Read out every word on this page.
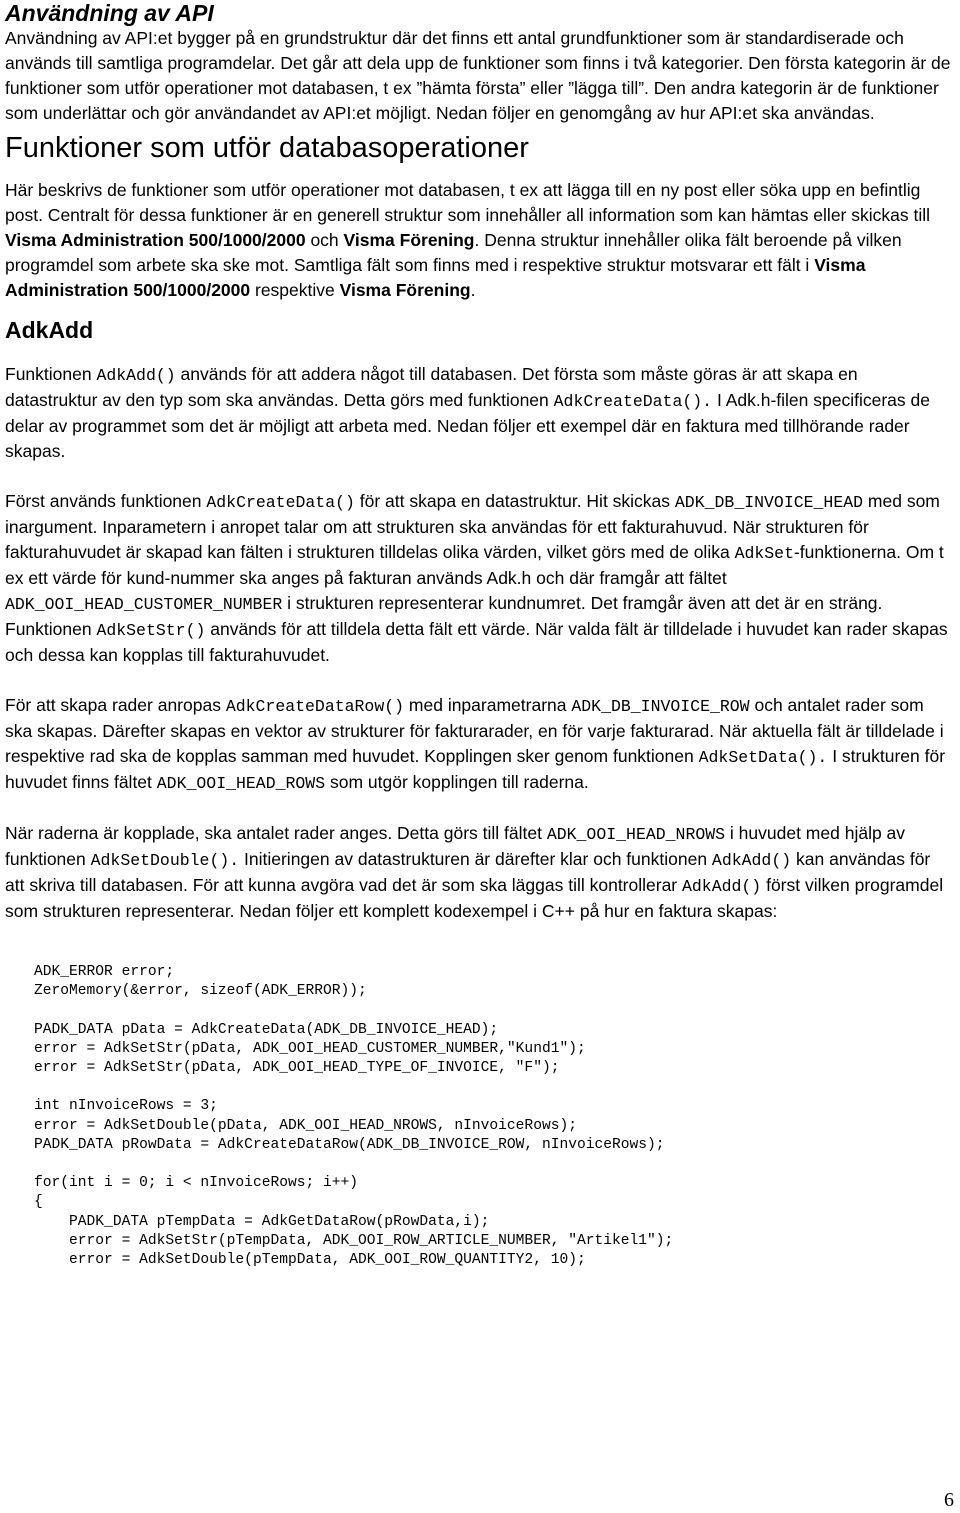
Användning av API

Användning av API:et bygger på en grundstruktur där det finns ett antal grundfunktioner som är standardiserade och används till samtliga programdelar. Det går att dela upp de funktioner som finns i två kategorier. Den första kategorin är de funktioner som utför operationer mot databasen, t ex ”hämta första” eller ”lägga till”. Den andra kategorin är de funktioner som underlättar och gör användandet av API:et möjligt. Nedan följer en genomgång av hur API:et ska användas.

Funktioner som utför databasoperationer

Här beskrivs de funktioner som utför operationer mot databasen, t ex att lägga till en ny post eller söka upp en befintlig post. Centralt för dessa funktioner är en generell struktur som innehåller all information som kan hämtas eller skickas till Visma Administration 500/1000/2000 och Visma Förening. Denna struktur innehåller olika fält beroende på vilken programdel som arbete ska ske mot. Samtliga fält som finns med i respektive struktur motsvarar ett fält i Visma Administration 500/1000/2000 respektive Visma Förening.

AdkAdd

Funktionen AdkAdd() används för att addera något till databasen. Det första som måste göras är att skapa en datastruktur av den typ som ska användas. Detta görs med funktionen AdkCreateData(). I Adk.h-filen specificeras de delar av programmet som det är möjligt att arbeta med. Nedan följer ett exempel där en faktura med tillhörande rader skapas.

Först används funktionen AdkCreateData() för att skapa en datastruktur. Hit skickas ADK_DB_INVOICE_HEAD med som inargument. Inparametern i anropet talar om att strukturen ska användas för ett fakturahuvud. När strukturen för fakturahuvudet är skapad kan fälten i strukturen tilldelas olika värden, vilket görs med de olika AdkSet-funktionerna. Om t ex ett värde för kund-nummer ska anges på fakturan används Adk.h och där framgår att fältet ADK_OOI_HEAD_CUSTOMER_NUMBER i strukturen representerar kundnumret. Det framgår även att det är en sträng. Funktionen AdkSetStr() används för att tilldela detta fält ett värde. När valda fält är tilldelade i huvudet kan rader skapas och dessa kan kopplas till fakturahuvudet.

För att skapa rader anropas AdkCreateDataRow() med inparametrarna ADK_DB_INVOICE_ROW och antalet rader som ska skapas. Därefter skapas en vektor av strukturer för fakturarader, en för varje fakturarad. När aktuella fält är tilldelade i respektive rad ska de kopplas samman med huvudet. Kopplingen sker genom funktionen AdkSetData(). I strukturen för huvudet finns fältet ADK_OOI_HEAD_ROWS som utgör kopplingen till raderna.

När raderna är kopplade, ska antalet rader anges. Detta görs till fältet ADK_OOI_HEAD_NROWS i huvudet med hjälp av funktionen AdkSetDouble(). Initieringen av datastrukturen är därefter klar och funktionen AdkAdd() kan användas för att skriva till databasen. För att kunna avgöra vad det är som ska läggas till kontrollerar AdkAdd() först vilken programdel som strukturen representerar. Nedan följer ett komplett kodexempel i C++ på hur en faktura skapas:

ADK_ERROR error;
ZeroMemory(&error, sizeof(ADK_ERROR));

PADK_DATA pData = AdkCreateData(ADK_DB_INVOICE_HEAD);
error = AdkSetStr(pData, ADK_OOI_HEAD_CUSTOMER_NUMBER,"Kund1");
error = AdkSetStr(pData, ADK_OOI_HEAD_TYPE_OF_INVOICE, "F");

int nInvoiceRows = 3;
error = AdkSetDouble(pData, ADK_OOI_HEAD_NROWS, nInvoiceRows);
PADK_DATA pRowData = AdkCreateDataRow(ADK_DB_INVOICE_ROW, nInvoiceRows);

for(int i = 0; i < nInvoiceRows; i++)
{
PADK_DATA pTempData = AdkGetDataRow(pRowData,i);
error = AdkSetStr(pTempData, ADK_OOI_ROW_ARTICLE_NUMBER, "Artikel1");
error = AdkSetDouble(pTempData, ADK_OOI_ROW_QUANTITY2, 10);
6
